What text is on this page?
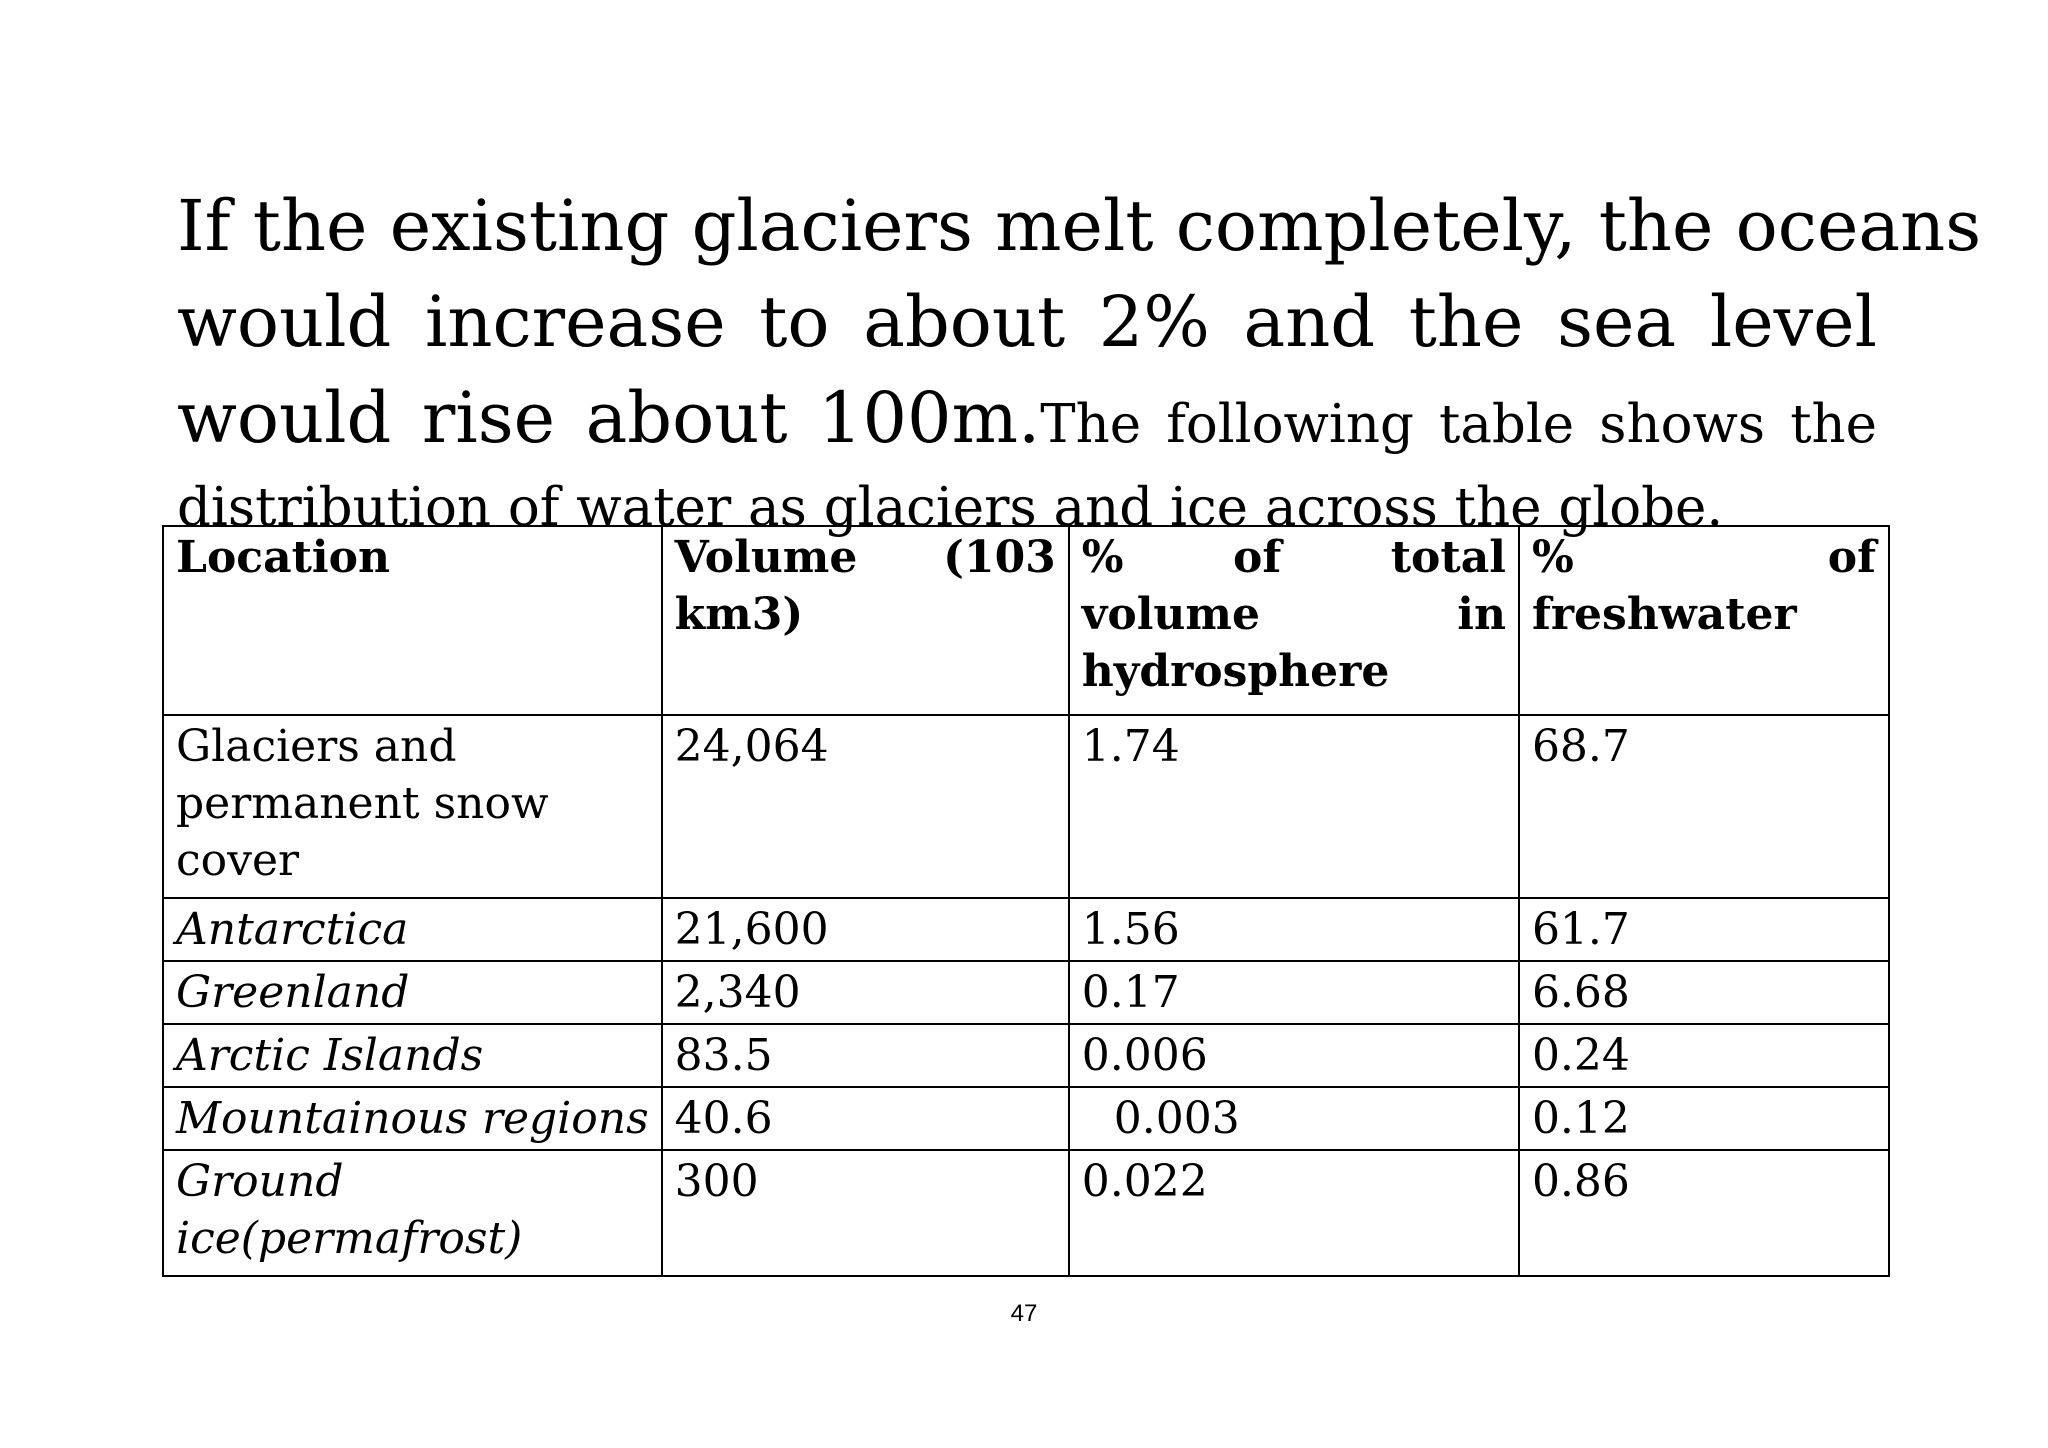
If the existing glaciers melt completely, the oceans
would increase to about 2% and the sea level
would rise about 100m.The following table shows the
distribution of water as glaciers and ice across the globe.
Location	Volume (103 km3)	% of total volume in hydrosphere	% of freshwater
Glaciers and permanent snow cover	24,064	1.74	68.7
Antarctica	21,600	1.56	61.7
Greenland	2,340	0.17	6.68
Arctic Islands	83.5	0.006	0.24
Mountainous regions	40.6	0.003	0.12
Ground ice(permafrost)	300	0.022	0.86
47
